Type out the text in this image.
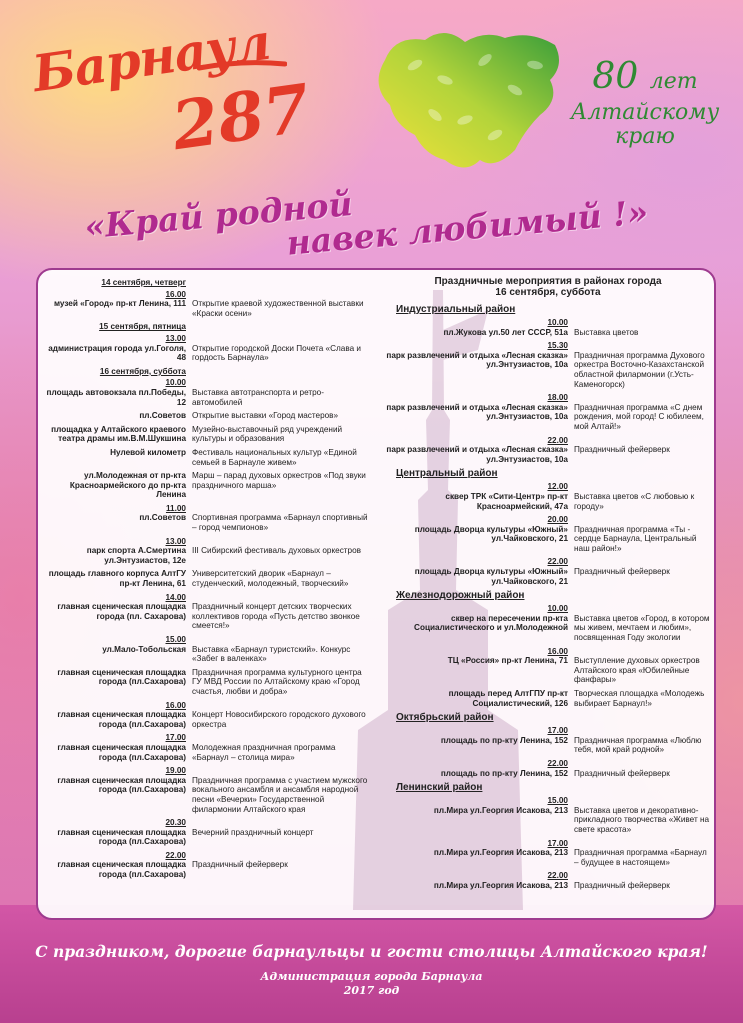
Барнаул
287	80 лет
Алтайскому
краю
«Край родной
навек любимый !»
14 сентября, четверг
16.00
музей «Город» пр-кт Ленина, 111 Открытие краевой художественной выставки «Краски осени»
15 сентября, пятница
13.00
администрация города ул.Гоголя, 48
Открытие городской Доски Почета «Слава и гордость Барнаула»
16 сентября, суббота
10.00
площадь автовокзала пл.Победы, 12
Выставка автотранспорта и ретро-автомобилей
пл.Советов Открытие выставки «Город мастеров»
площадка у Алтайского краевого театра драмы им.В.М.Шукшина
Музейно-выставочный ряд учреждений культуры и образования
Нулевой километр Фестиваль национальных культур «Единой семьей в Барнауле живем»
ул.Молодежная от пр-кта Красноармейского до пр-кта Ленина
Марш – парад духовых оркестров «Под звуки праздничного марша»
11.00
пл.Советов Спортивная программа «Барнаул спортивный – город чемпионов»
13.00
парк спорта А.Смертина ул.Энтузиастов, 12e
III Сибирский фестиваль духовых оркестров
площадь главного корпуса АлтГУ пр-кт Ленина, 61
Университетский дворик «Барнаул – студенческий, молодежный, творческий»
14.00
главная сценическая площадка города (пл. Сахарова)
Праздничный концерт детских творческих коллективов города «Пусть детство звонкое смеется!»
15.00
ул.Мало-Тобольская Выставка «Барнаул туристский». Конкурс «Забег в валенках»
главная сценическая площадка города (пл.Сахарова)
Праздничная программа культурного центра ГУ МВД России по Алтайскому краю «Город счастья, любви и добра»
16.00
главная сценическая площадка города (пл.Сахарова)
Концерт Новосибирского городского духового оркестра
17.00
главная сценическая площадка города (пл.Сахарова)
Молодежная праздничная программа «Барнаул – столица мира»
19.00
главная сценическая площадка города (пл.Сахарова)
Праздничная программа с участием мужского вокального ансамбля и ансамбля народной песни «Вечерки» Государственной филармонии Алтайского края
20.30
главная сценическая площадка города (пл.Сахарова)
Вечерний праздничный концерт
22.00
главная сценическая площадка города (пл.Сахарова)
Праздничный фейерверк
Праздничные мероприятия в районах города
16 сентября, суббота
Индустриальный район
10.00
пл.Жукова ул.50 лет СССР, 51a Выставка цветов
15.30
парк развлечений и отдыха «Лесная сказка» ул.Энтузиастов, 10a
Праздничная программа Духового оркестра Восточно-Казахстанской областной филармонии (г.Усть-Каменогорск)
18.00
парк развлечений и отдыха «Лесная сказка» ул.Энтузиастов, 10a
Праздничная программа «С днем рождения, мой город! С юбилеем, мой Алтай!»
22.00
парк развлечений и отдыха «Лесная сказка» ул.Энтузиастов, 10a
Праздничный фейерверк
Центральный район
12.00
сквер ТРК «Сити-Центр» пр-кт Красноармейский, 47a
Выставка цветов «С любовью к городу»
20.00
площадь Дворца культуры «Южный» ул.Чайковского, 21
Праздничная программа «Ты - сердце Барнаула, Центральный наш район!»
22.00
площадь Дворца культуры «Южный» ул.Чайковского, 21
Праздничный фейерверк
Железнодорожный район
10.00
сквер на пересечении пр-кта Социалистического и ул.Молодежной
Выставка цветов «Город, в котором мы живем, мечтаем и любим», посвященная Году экологии
16.00
ТЦ «Россия» пр-кт Ленина, 71 Выступление духовых оркестров Алтайского края «Юбилейные фанфары»
площадь перед АлтГПУ пр-кт Социалистический, 126
Творческая площадка «Молодежь выбирает Барнаул!»
Октябрьский район
17.00
площадь по пр-кту Ленина, 152 Праздничная программа «Люблю тебя, мой край родной»
22.00
площадь по пр-кту Ленина, 152 Праздничный фейерверк
Ленинский район
15.00
пл.Мира ул.Георгия Исакова, 213 Выставка цветов и декоративно-прикладного творчества «Живет на свете красота»
17.00
пл.Мира ул.Георгия Исакова, 213 Праздничная программа «Барнаул – будущее в настоящем»
22.00
пл.Мира ул.Георгия Исакова, 213 Праздничный фейерверк
С праздником, дорогие барнаульцы и гости столицы Алтайского края!
Администрация города Барнаула
2017 год
